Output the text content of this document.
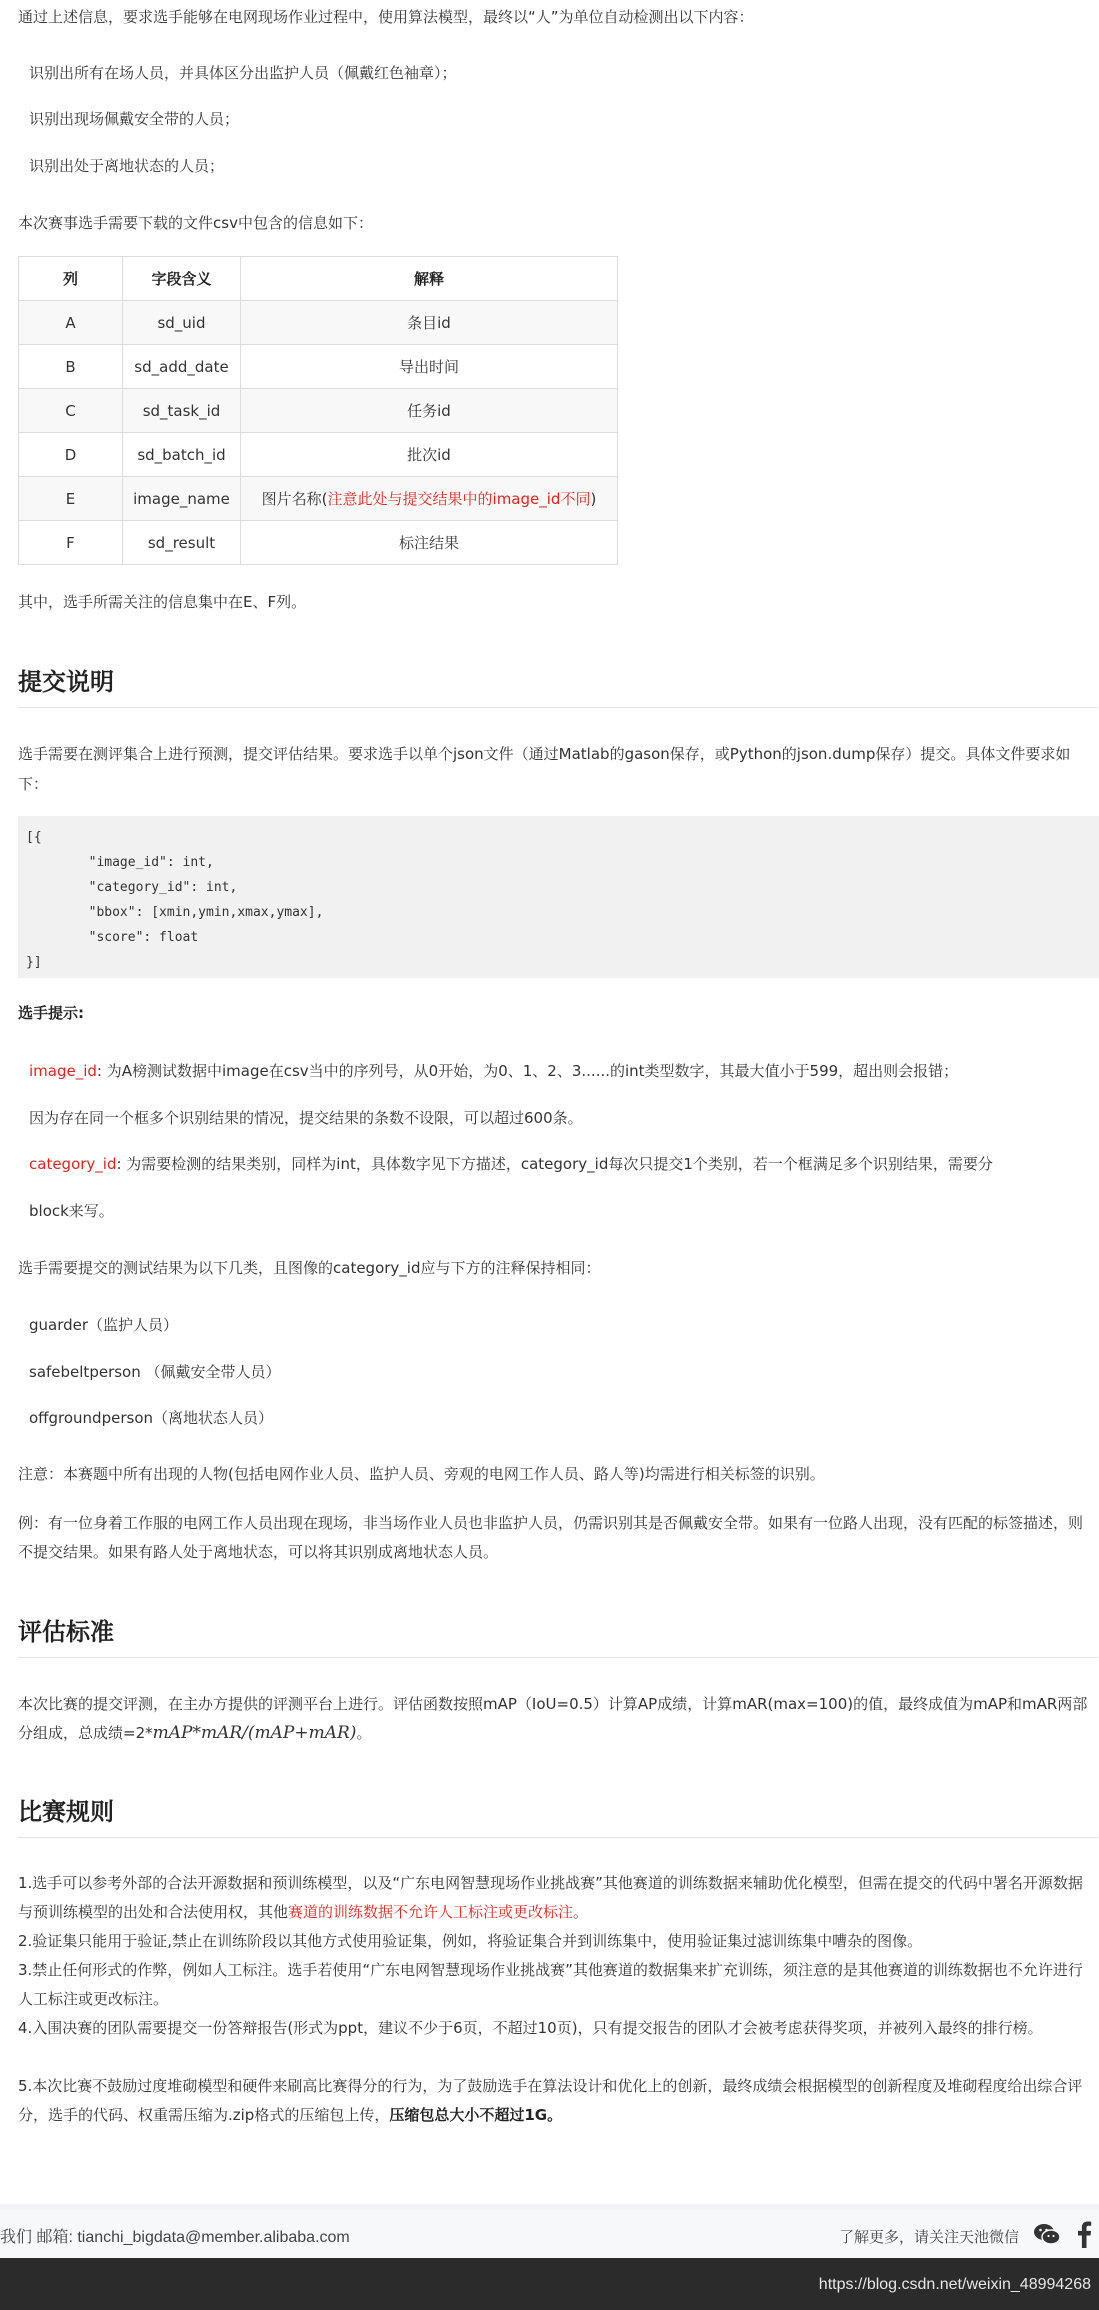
通过上述信息，要求选手能够在电网现场作业过程中，使用算法模型，最终以“人”为单位自动检测出以下内容：

识别出所有在场人员，并具体区分出监护人员（佩戴红色袖章）；

识别出现场佩戴安全带的人员；

识别出处于离地状态的人员；

本次赛事选手需要下载的文件csv中包含的信息如下：

列	字段含义	解释
A	sd_uid	条目id
B	sd_add_date	导出时间
C	sd_task_id	任务id
D	sd_batch_id	批次id
E	image_name	图片名称(注意此处与提交结果中的image_id不同)
F	sd_result	标注结果

其中，选手所需关注的信息集中在E、F列。

提交说明

选手需要在测评集合上进行预测，提交评估结果。要求选手以单个json文件（通过Matlab的gason保存，或Python的json.dump保存）提交。具体文件要求如下：

[{
"image_id": int,
"category_id": int,
"bbox": [xmin,ymin,xmax,ymax],
"score": float
}]

选手提示:

image_id: 为A榜测试数据中image在csv当中的序列号，从0开始，为0、1、2、3......的int类型数字，其最大值小于599，超出则会报错；

因为存在同一个框多个识别结果的情况，提交结果的条数不设限，可以超过600条。

category_id: 为需要检测的结果类别，同样为int，具体数字见下方描述，category_id每次只提交1个类别，若一个框满足多个识别结果，需要分

block来写。

选手需要提交的测试结果为以下几类，且图像的category_id应与下方的注释保持相同：

guarder（监护人员）

safebeltperson （佩戴安全带人员）

offgroundperson（离地状态人员）

注意：本赛题中所有出现的人物(包括电网作业人员、监护人员、旁观的电网工作人员、路人等)均需进行相关标签的识别。

例：有一位身着工作服的电网工作人员出现在现场，非当场作业人员也非监护人员，仍需识别其是否佩戴安全带。如果有一位路人出现，没有匹配的标签描述，则不提交结果。如果有路人处于离地状态，可以将其识别成离地状态人员。

评估标准

本次比赛的提交评测，在主办方提供的评测平台上进行。评估函数按照mAP（IoU=0.5）计算AP成绩，计算mAR(max=100)的值，最终成值为mAP和mAR两部分组成，总成绩=2*mAP*mAR/(mAP+mAR)。

比赛规则

1.选手可以参考外部的合法开源数据和预训练模型，以及“广东电网智慧现场作业挑战赛”其他赛道的训练数据来辅助优化模型，但需在提交的代码中署名开源数据与预训练模型的出处和合法使用权，其他赛道的训练数据不允许人工标注或更改标注。

2.验证集只能用于验证,禁止在训练阶段以其他方式使用验证集，例如，将验证集合并到训练集中，使用验证集过滤训练集中嘈杂的图像。

3.禁止任何形式的作弊，例如人工标注。选手若使用“广东电网智慧现场作业挑战赛”其他赛道的数据集来扩充训练，须注意的是其他赛道的训练数据也不允许进行人工标注或更改标注。

4.入围决赛的团队需要提交一份答辩报告(形式为ppt，建议不少于6页，不超过10页)，只有提交报告的团队才会被考虑获得奖项，并被列入最终的排行榜。

5.本次比赛不鼓励过度堆砌模型和硬件来刷高比赛得分的行为，为了鼓励选手在算法设计和优化上的创新，最终成绩会根据模型的创新程度及堆砌程度给出综合评分，选手的代码、权重需压缩为.zip格式的压缩包上传，压缩包总大小不超过1G。

我们 邮箱: tianchi_bigdata@member.alibaba.com	了解更多，请关注天池微信
https://blog.csdn.net/weixin_48994268
